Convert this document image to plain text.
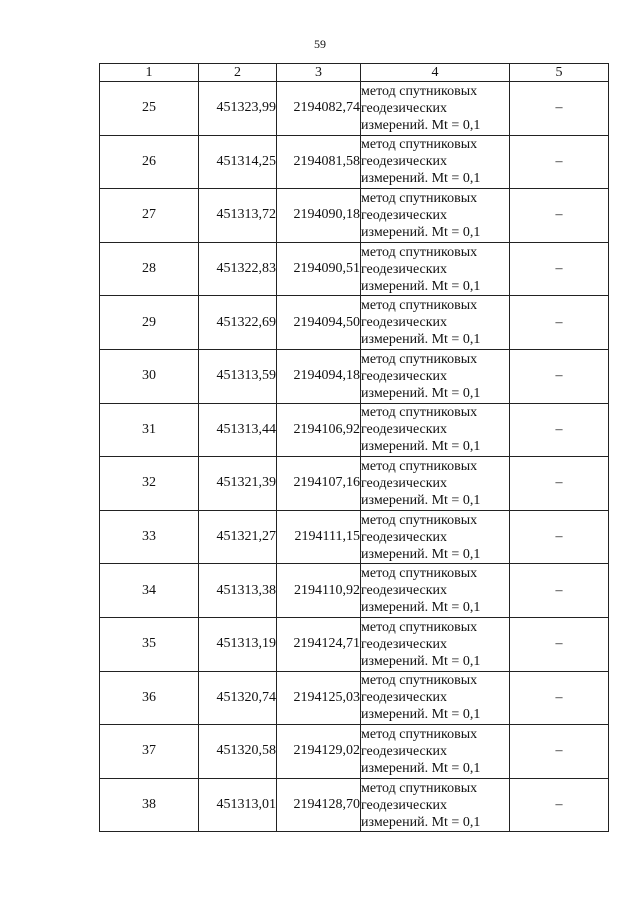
59
1	2	3	4	5
25	451323,99	2194082,74	метод спутниковых
геодезических
измерений. Mt = 0,1	–
26	451314,25	2194081,58	метод спутниковых
геодезических
измерений. Mt = 0,1	–
27	451313,72	2194090,18	метод спутниковых
геодезических
измерений. Mt = 0,1	–
28	451322,83	2194090,51	метод спутниковых
геодезических
измерений. Mt = 0,1	–
29	451322,69	2194094,50	метод спутниковых
геодезических
измерений. Mt = 0,1	–
30	451313,59	2194094,18	метод спутниковых
геодезических
измерений. Mt = 0,1	–
31	451313,44	2194106,92	метод спутниковых
геодезических
измерений. Mt = 0,1	–
32	451321,39	2194107,16	метод спутниковых
геодезических
измерений. Mt = 0,1	–
33	451321,27	2194111,15	метод спутниковых
геодезических
измерений. Mt = 0,1	–
34	451313,38	2194110,92	метод спутниковых
геодезических
измерений. Mt = 0,1	–
35	451313,19	2194124,71	метод спутниковых
геодезических
измерений. Mt = 0,1	–
36	451320,74	2194125,03	метод спутниковых
геодезических
измерений. Mt = 0,1	–
37	451320,58	2194129,02	метод спутниковых
геодезических
измерений. Mt = 0,1	–
38	451313,01	2194128,70	метод спутниковых
геодезических
измерений. Mt = 0,1	–
